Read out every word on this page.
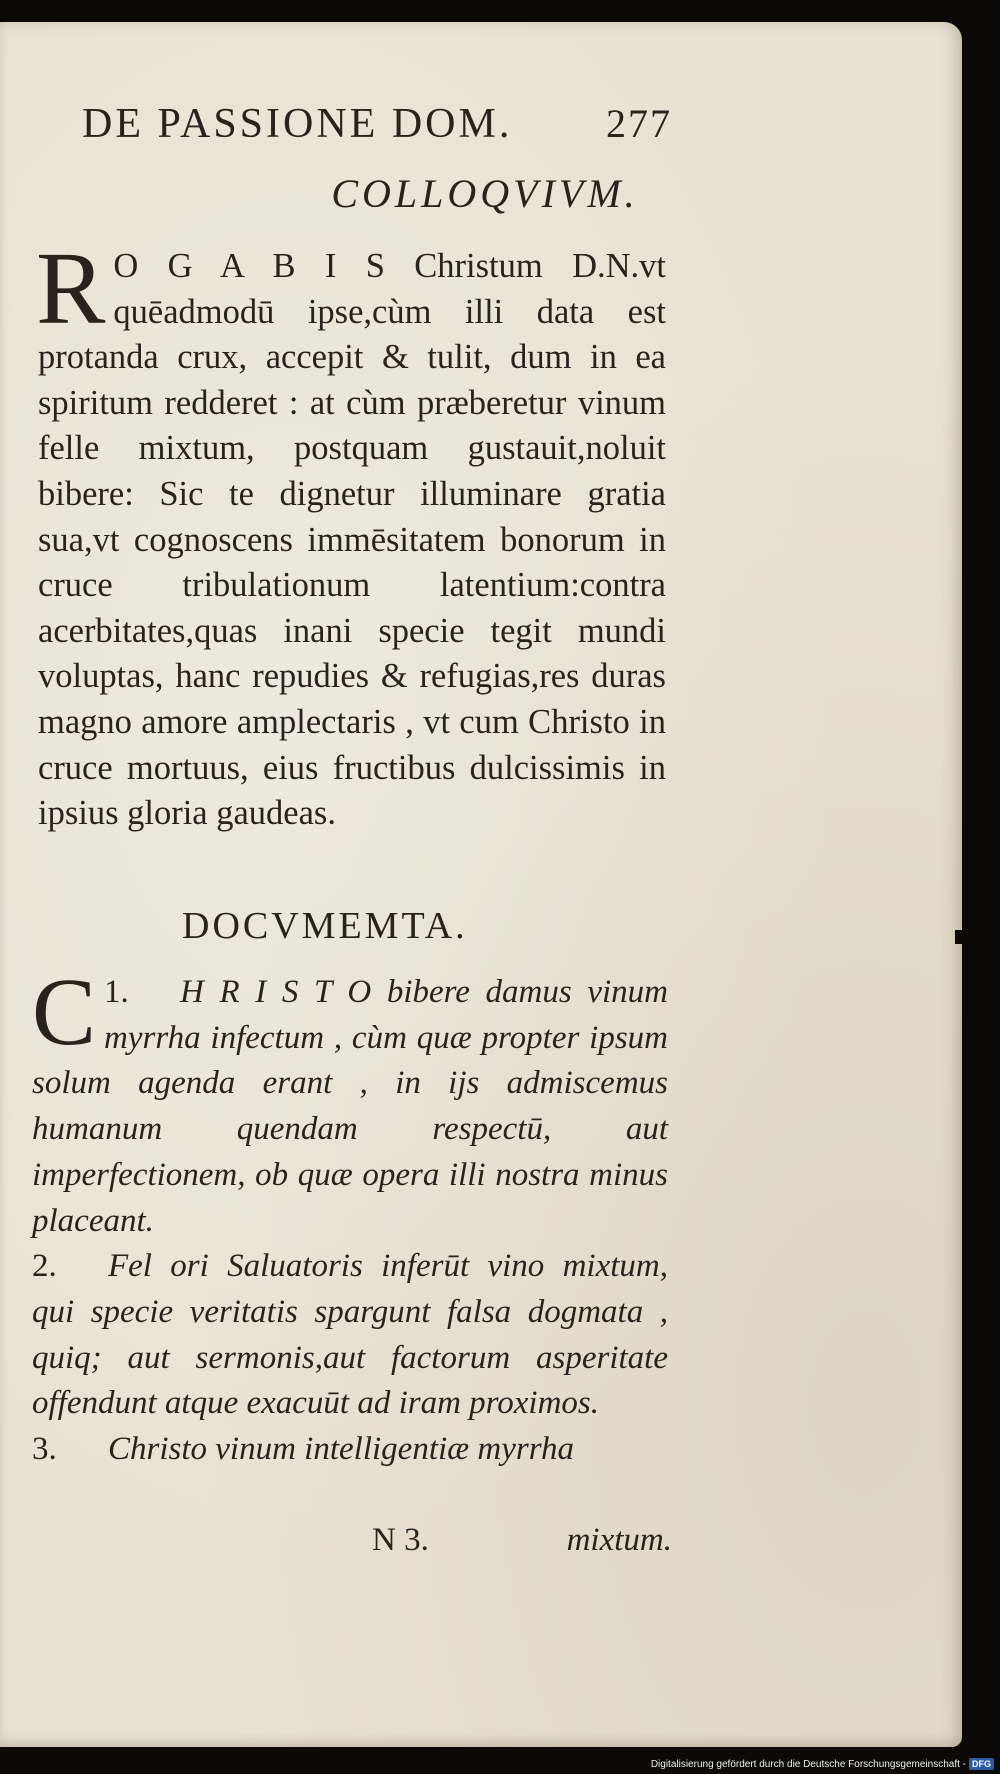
DE PASSIONE DOM. 277
COLLOQVIVM.
R O G A B I S Christum D.N.vt quēadmodū ipse,cùm illi data est protanda crux, accepit & tulit, dum in ea spiritum redderet : at cùm præberetur vinum felle mixtum, postquam gustauit,noluit bibere: Sic te dignetur illuminare gratia sua,vt cognoscens immēsitatem bonorum in cruce tribulationum latentium:contra acerbitates,quas inani specie tegit mundi voluptas, hanc repudies & refugias,res duras magno amore amplectaris , vt cum Christo in cruce mortuus, eius fructibus dulcissimis in ipsius gloria gaudeas.
DOCVMEMTA.

1.
C	H R I S T O bibere damus vinum myrrha infectum , cùm quæ propter ipsum solum agenda erant , in ijs admiscemus humanum quendam respectū, aut imperfectionem, ob quæ opera illi nostra minus placeant.

2. Fel ori Saluatoris inferūt vino mixtum, qui specie veritatis spargunt falsa dogmata , quiq; aut sermonis,aut factorum asperitate offendunt atque exacuūt ad iram proximos.

3. Christo vinum intelligentiæ myrrha

N 3.	mixtum.
Digitalisierung gefördert durch die Deutsche Forschungsgemeinschaft - DFG
